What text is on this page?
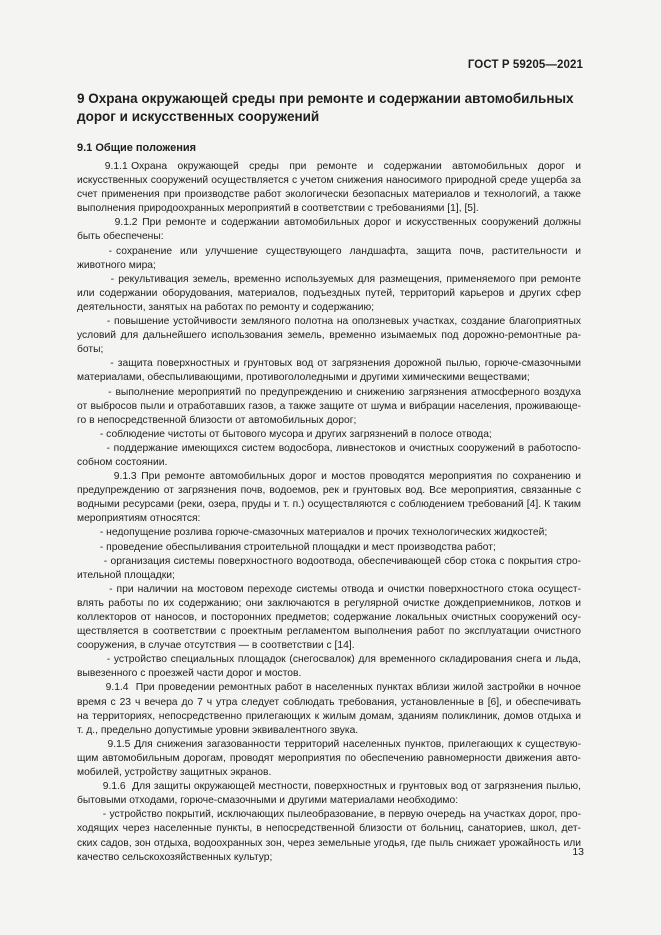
ГОСТ Р 59205—2021
9 Охрана окружающей среды при ремонте и содержании автомобильных
дорог и искусственных сооружений
9.1 Общие положения
9.1.1 Охрана   окружающей   среды   при   ремонте   и   содержании   автомобильных   дорог   и
искусственных сооружений осуществляется с учетом снижения наносимого природной среде ущерба за
счет применения при производстве работ экологически безопасных материалов и технологий, а также
выполнения природоохранных мероприятий в соответствии с требованиями [1], [5].
9.1.2 При ремонте и содержании автомобильных дорог и искусственных сооружений должны
быть обеспечены:
- сохранение  или  улучшение  существующего  ландшафта,  защита  почв,  растительности  и
животного мира;
- рекультивация земель, временно используемых для размещения, применяемого при ремонте
или содержании оборудования, материалов, подъездных путей, территорий карьеров и других сфер
деятельности, занятых на работах по ремонту и содержанию;
- повышение устойчивости земляного полотна на оползневых участках, создание благоприятных
условий для дальнейшего использования земель, временно изымаемых под дорожно-ремонтные ра-
боты;
- защита поверхностных и грунтовых вод от загрязнения дорожной пылью, горюче-смазочными
материалами, обеспыливающими, противогололедными и другими химическими веществами;
- выполнение мероприятий по предупреждению и снижению загрязнения атмосферного воздуха
от выбросов пыли и отработавших газов, а также защите от шума и вибрации населения, проживающе-
го в непосредственной близости от автомобильных дорог;
- соблюдение чистоты от бытового мусора и других загрязнений в полосе отвода;
- поддержание имеющихся систем водосбора, ливнестоков и очистных сооружений в работоспо-
собном состоянии.
9.1.3 При ремонте автомобильных дорог и мостов проводятся мероприятия по сохранению и
предупреждению от загрязнения почв, водоемов, рек и грунтовых вод. Все мероприятия, связанные с
водными ресурсами (реки, озера, пруды и т. п.) осуществляются с соблюдением требований [4]. К таким
мероприятиям относятся:
- недопущение розлива горюче-смазочных материалов и прочих технологических жидкостей;
- проведение обеспыливания строительной площадки и мест производства работ;
- организация системы поверхностного водоотвода, обеспечивающей сбор стока с покрытия стро-
ительной площадки;
- при наличии на мостовом переходе системы отвода и очистки поверхностного стока осущест-
влять работы по их содержанию; они заключаются в регулярной очистке дождеприемников, лотков и
коллекторов от наносов, и посторонних предметов; содержание локальных очистных сооружений осу-
ществляется в соответствии с проектным регламентом выполнения работ по эксплуатации очистного
сооружения, в случае отсутствия — в соответствии с [14].
- устройство специальных площадок (снегосвалок) для временного складирования снега и льда,
вывезенного с проезжей части дорог и мостов.
9.1.4  При проведении ремонтных работ в населенных пунктах вблизи жилой застройки в ночное
время с 23 ч вечера до 7 ч утра следует соблюдать требования, установленные в [6], и обеспечивать
на территориях, непосредственно прилегающих к жилым домам, зданиям поликлиник, домов отдыха и
т. д., предельно допустимые уровни эквивалентного звука.
9.1.5 Для снижения загазованности территорий населенных пунктов, прилегающих к существую-
щим автомобильным дорогам, проводят мероприятия по обеспечению равномерности движения авто-
мобилей, устройству защитных экранов.
9.1.6  Для защиты окружающей местности, поверхностных и грунтовых вод от загрязнения пылью,
бытовыми отходами, горюче-смазочными и другими материалами необходимо:
- устройство покрытий, исключающих пылеобразование, в первую очередь на участках дорог, про-
ходящих через населенные пункты, в непосредственной близости от больниц, санаториев, школ, дет-
ских садов, зон отдыха, водоохранных зон, через земельные угодья, где пыль снижает урожайность или
качество сельскохозяйственных культур;	13
